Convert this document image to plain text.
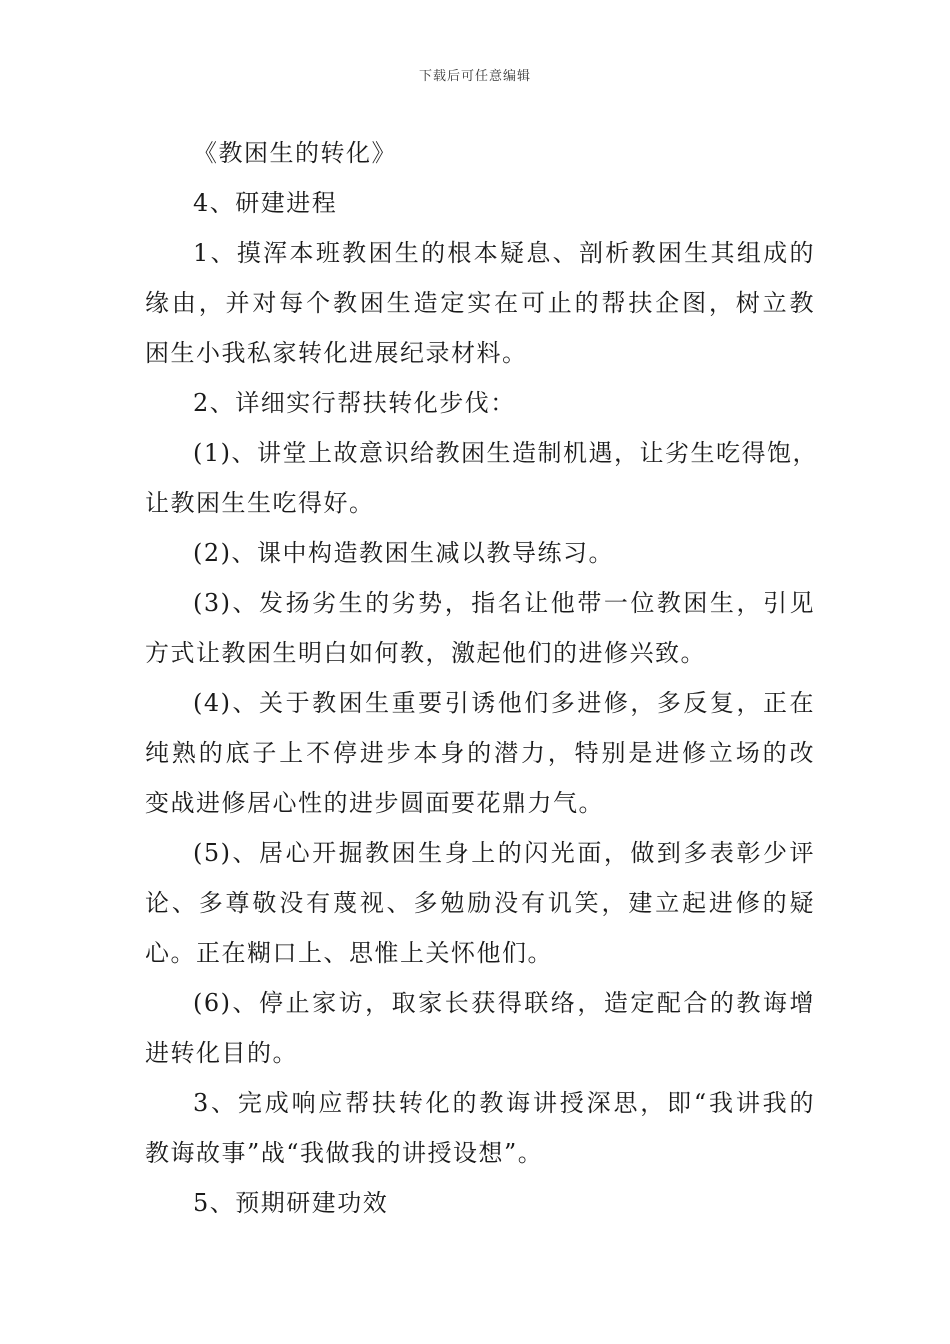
下载后可任意编辑
《教困生的转化》
4、研建进程
1、摸浑本班教困生的根本疑息、剖析教困生其组成的
缘由，并对每个教困生造定实在可止的帮扶企图，树立教
困生小我私家转化进展纪录材料。
2、详细实行帮扶转化步伐：
(1)、讲堂上故意识给教困生造制机遇，让劣生吃得饱，
让教困生生吃得好。
(2)、课中构造教困生减以教导练习。
(3)、发扬劣生的劣势，指名让他带一位教困生，引见
方式让教困生明白如何教，激起他们的进修兴致。
(4)、关于教困生重要引诱他们多进修，多反复，正在
纯熟的底子上不停进步本身的潜力，特别是进修立场的改
变战进修居心性的进步圆面要花鼎力气。
(5)、居心开掘教困生身上的闪光面，做到多表彰少评
论、多尊敬没有蔑视、多勉励没有讥笑，建立起进修的疑
心。正在糊口上、思惟上关怀他们。
(6)、停止家访，取家长获得联络，造定配合的教诲增
进转化目的。
3、完成响应帮扶转化的教诲讲授深思，即“我讲我的
教诲故事”战“我做我的讲授设想”。
5、预期研建功效
